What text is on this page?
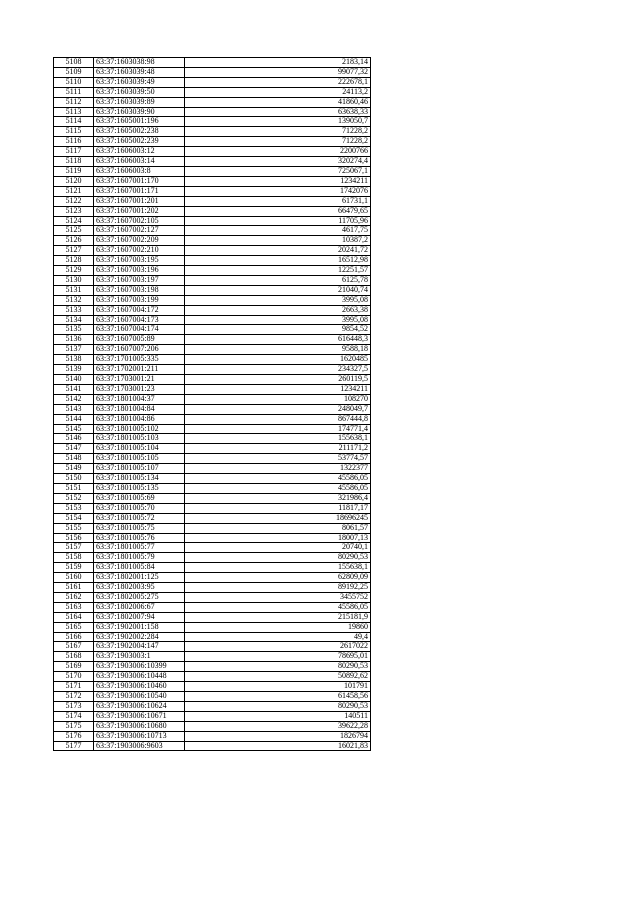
5108	63:37:1603038:98	2183,14
5109	63:37:1603039:48	99077,32
5110	63:37:1603039:49	222678,1
5111	63:37:1603039:50	24113,2
5112	63:37:1603039:89	41860,46
5113	63:37:1603039:90	63638,33
5114	63:37:1605001:196	139050,7
5115	63:37:1605002:238	71228,2
5116	63:37:1605002:239	71228,2
5117	63:37:1606003:12	2200766
5118	63:37:1606003:14	320274,4
5119	63:37:1606003:8	725067,1
5120	63:37:1607001:170	1234211
5121	63:37:1607001:171	1742076
5122	63:37:1607001:201	61731,1
5123	63:37:1607001:202	66479,65
5124	63:37:1607002:105	11705,96
5125	63:37:1607002:127	4617,75
5126	63:37:1607002:209	10387,2
5127	63:37:1607002:210	20241,72
5128	63:37:1607003:195	16512,98
5129	63:37:1607003:196	12251,57
5130	63:37:1607003:197	6125,78
5131	63:37:1607003:198	21040,74
5132	63:37:1607003:199	3995,08
5133	63:37:1607004:172	2663,38
5134	63:37:1607004:173	3995,08
5135	63:37:1607004:174	9854,52
5136	63:37:1607005:89	616448,3
5137	63:37:1607007:206	9588,18
5138	63:37:1701005:335	1620485
5139	63:37:1702001:211	234327,5
5140	63:37:1703001:21	260119,5
5141	63:37:1703001:23	1234211
5142	63:37:1801004:37	108270
5143	63:37:1801004:84	248049,7
5144	63:37:1801004:86	867444,8
5145	63:37:1801005:102	174771,4
5146	63:37:1801005:103	155638,1
5147	63:37:1801005:104	211171,2
5148	63:37:1801005:105	53774,57
5149	63:37:1801005:107	1322377
5150	63:37:1801005:134	45586,05
5151	63:37:1801005:135	45586,05
5152	63:37:1801005:69	321986,4
5153	63:37:1801005:70	11817,17
5154	63:37:1801005:72	18696245
5155	63:37:1801005:75	8061,57
5156	63:37:1801005:76	18007,13
5157	63:37:1801005:77	20740,1
5158	63:37:1801005:79	80290,53
5159	63:37:1801005:84	155638,1
5160	63:37:1802001:125	62809,09
5161	63:37:1802003:95	89192,25
5162	63:37:1802005:275	3455752
5163	63:37:1802006:67	45586,05
5164	63:37:1802007:94	215181,9
5165	63:37:1902001:158	19860
5166	63:37:1902002:284	49,4
5167	63:37:1902004:147	2617022
5168	63:37:1903003:1	78695,01
5169	63:37:1903006:10399	80290,53
5170	63:37:1903006:10448	50892,62
5171	63:37:1903006:10460	101791
5172	63:37:1903006:10540	61458,56
5173	63:37:1903006:10624	80290,53
5174	63:37:1903006:10671	140511
5175	63:37:1903006:10680	39622,28
5176	63:37:1903006:10713	1826794
5177	63:37:1903006:9603	16021,83
